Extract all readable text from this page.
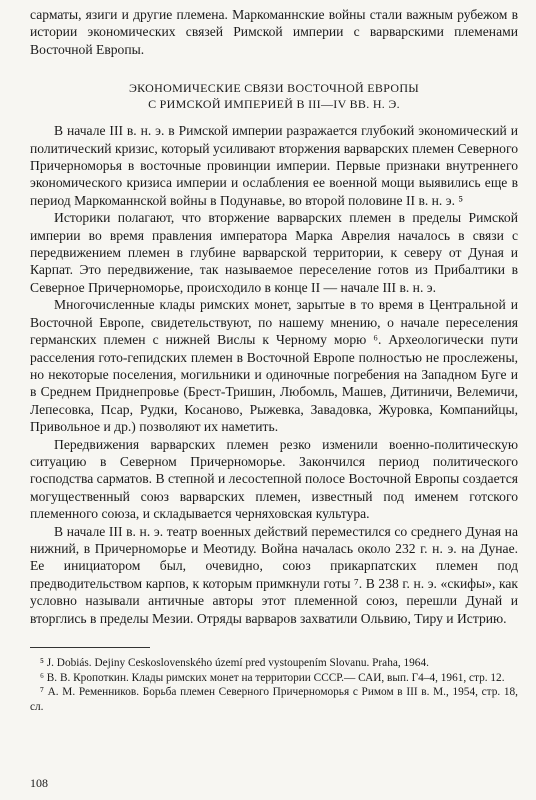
сарматы, язиги и другие племена. Маркоманнские войны стали важным рубежом в истории экономических связей Римской империи с варварскими племенами Восточной Европы.

ЭКОНОМИЧЕСКИЕ СВЯЗИ ВОСТОЧНОЙ ЕВРОПЫ
С РИМСКОЙ ИМПЕРИЕЙ В III—IV ВВ. Н. Э.

В начале III в. н. э. в Римской империи разражается глубокий экономический и политический кризис, который усиливают вторжения варварских племен Северного Причерноморья в восточные провинции империи. Первые признаки внутреннего экономического кризиса империи и ослабления ее военной мощи выявились еще в период Маркоманнской войны в Подунавье, во второй половине II в. н. э. ⁵

Историки полагают, что вторжение варварских племен в пределы Римской империи во время правления императора Марка Аврелия началось в связи с передвижением племен в глубине варварской территории, к северу от Дуная и Карпат. Это передвижение, так называемое переселение готов из Прибалтики в Северное Причерноморье, происходило в конце II — начале III в. н. э.

Многочисленные клады римских монет, зарытые в то время в Центральной и Восточной Европе, свидетельствуют, по нашему мнению, о начале переселения германских племен с нижней Вислы к Черному морю ⁶. Археологически пути расселения гото-гепидских племен в Восточной Европе полностью не прослежены, но некоторые поселения, могильники и одиночные погребения на Западном Буге и в Среднем Приднепровье (Брест-Тришин, Любомль, Машев, Дитиничи, Велемичи, Лепесовка, Псар, Рудки, Косаново, Рыжевка, Завадовка, Журовка, Компанийцы, Привольное и др.) позволяют их наметить.

Передвижения варварских племен резко изменили военно-политическую ситуацию в Северном Причерноморье. Закончился период политического господства сарматов. В степной и лесостепной полосе Восточной Европы создается могущественный союз варварских племен, известный под именем готского племенного союза, и складывается черняховская культура.

В начале III в. н. э. театр военных действий переместился со среднего Дуная на нижний, в Причерноморье и Меотиду. Война началась около 232 г. н. э. на Дунае. Ее инициатором был, очевидно, союз прикарпатских племен под предводительством карпов, к которым примкнули готы ⁷. В 238 г. н. э. «скифы», как условно называли античные авторы этот племенной союз, перешли Дунай и вторглись в пределы Мезии. Отряды варваров захватили Ольвию, Тиру и Истрию.

⁵ J. Dobiás. Dejiny Ceskoslovenského území pred vystoupením Slovanu. Praha, 1964.

⁶ В. В. Кропоткин. Клады римских монет на территории СССР.— САИ, вып. Г4–4, 1961, стр. 12.

⁷ А. М. Ременников. Борьба племен Северного Причерноморья с Римом в III в. М., 1954, стр. 18, сл.

108
